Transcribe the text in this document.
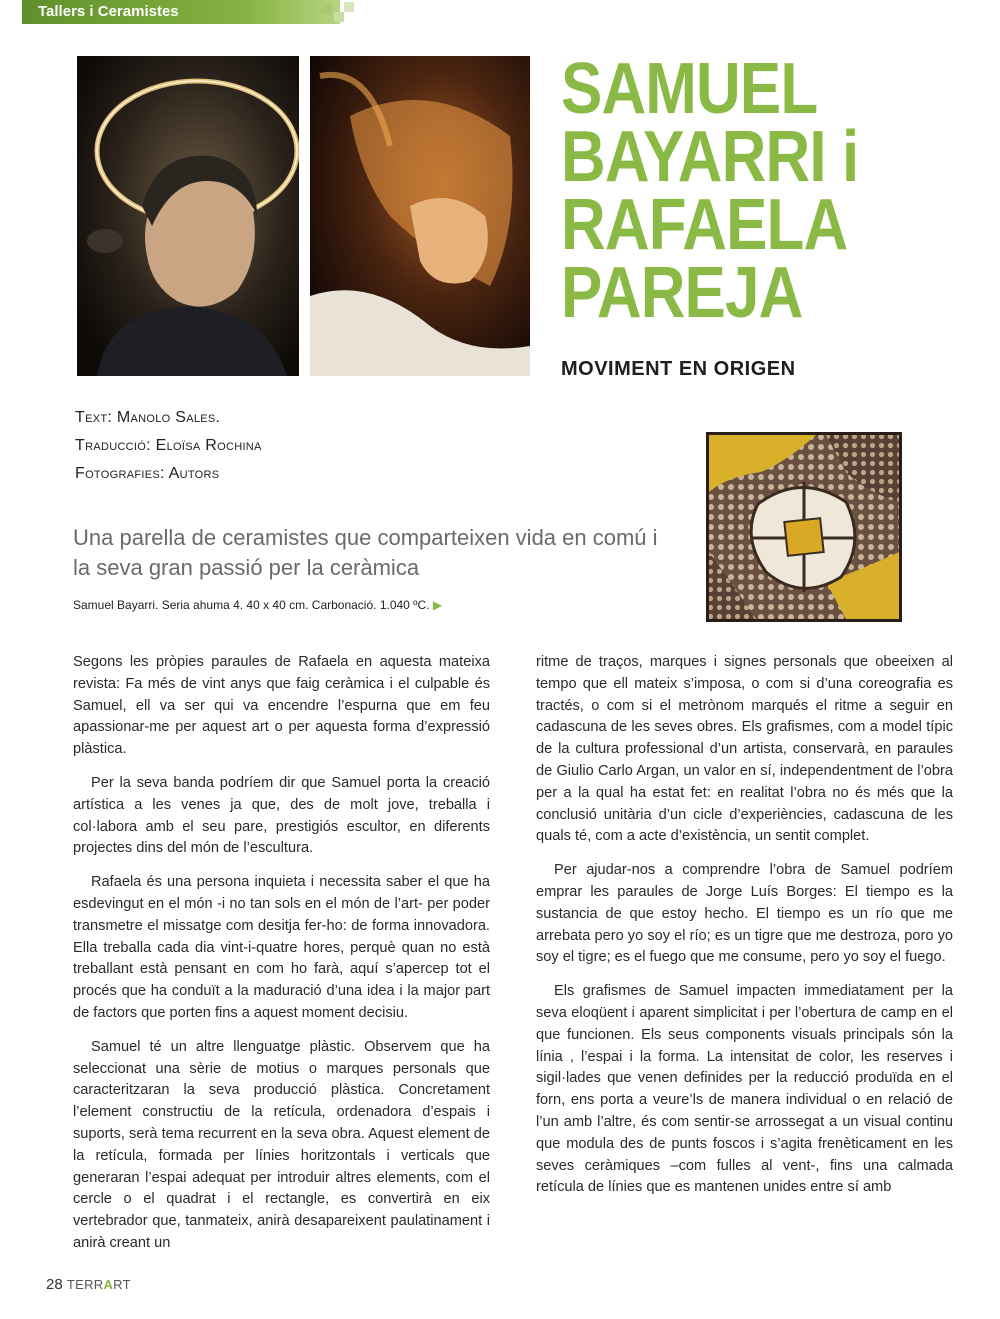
Tallers i Ceramistes
SAMUEL
BAYARRI i
RAFAELA
PAREJA
MOVIMENT EN ORIGEN
Text: Manolo Sales.
Traducció: Eloïsa Rochina
Fotografies: Autors

Una parella de ceramistes que comparteixen vida en comú i la seva gran passió per la ceràmica

Samuel Bayarri. Seria ahuma 4. 40 x 40 cm. Carbonació. 1.040 ºC. ▶

Segons les pròpies paraules de Rafaela en aquesta mateixa revista: Fa més de vint anys que faig ceràmica i el culpable és Samuel, ell va ser qui va encendre l’espurna que em feu apassionar-me per aquest art o per aquesta forma d’expressió plàstica.

Per la seva banda podríem dir que Samuel porta la creació artística a les venes ja que, des de molt jove, treballa i col·labora amb el seu pare, prestigiós escultor, en diferents projectes dins del món de l’escultura.

Rafaela és una persona inquieta i necessita saber el que ha esdevingut en el món -i no tan sols en el món de l’art- per poder transmetre el missatge com desitja fer-ho: de forma innovadora. Ella treballa cada dia vint-i-quatre hores, perquè quan no està treballant està pensant en com ho farà, aquí s’apercep tot el procés que ha conduït a la maduració d’una idea i la major part de factors que porten fins a aquest moment decisiu.

Samuel té un altre llenguatge plàstic. Observem que ha seleccionat una sèrie de motius o marques personals que caracteritzaran la seva producció plàstica. Concretament l’element constructiu de la retícula, ordenadora d’espais i suports, serà tema recurrent en la seva obra. Aquest element de la retícula, formada per línies horitzontals i verticals que generaran l’espai adequat per introduir altres elements, com el cercle o el quadrat i el rectangle, es convertirà en eix vertebrador que, tanmateix, anirà desapareixent paulatinament i anirà creant un

ritme de traços, marques i signes personals que obeeixen al tempo que ell mateix s’imposa, o com si d’una coreografia es tractés, o com si el metrònom marqués el ritme a seguir en cadascuna de les seves obres. Els grafismes, com a model típic de la cultura professional d’un artista, conservarà, en paraules de Giulio Carlo Argan, un valor en sí, independentment de l’obra per a la qual ha estat fet: en realitat l’obra no és més que la conclusió unitària d’un cicle d’experiències, cadascuna de les quals té, com a acte d’existència, un sentit complet.

Per ajudar-nos a comprendre l’obra de Samuel podríem emprar les paraules de Jorge Luís Borges: El tiempo es la sustancia de que estoy hecho. El tiempo es un río que me arrebata pero yo soy el río; es un tigre que me destroza, poro yo soy el tigre; es el fuego que me consume, pero yo soy el fuego.

Els grafismes de Samuel impacten immediatament per la seva eloqüent i aparent simplicitat i per l’obertura de camp en el que funcionen. Els seus components visuals principals són la línia , l’espai i la forma. La intensitat de color, les reserves i sigil·lades que venen definides per la reducció produïda en el forn, ens porta a veure’ls de manera individual o en relació de l’un amb l’altre, és com sentir-se arrossegat a un visual continu que modula des de punts foscos i s’agita frenèticament en les seves ceràmiques –com fulles al vent-, fins una calmada retícula de línies que es mantenen unides entre sí amb

28 TERRART
